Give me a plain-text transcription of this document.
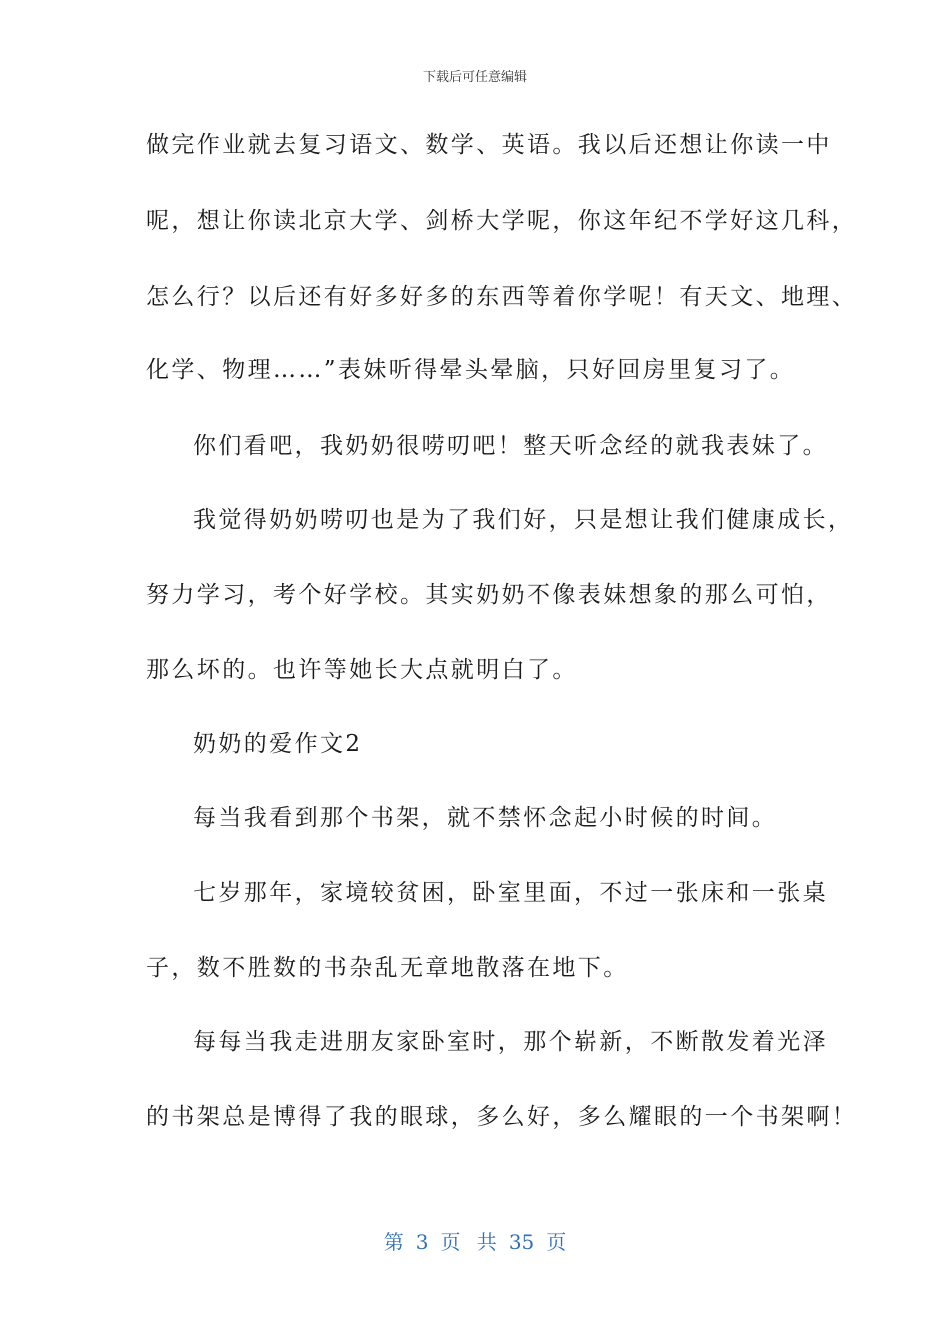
下载后可任意编辑
做完作业就去复习语文、数学、英语。我以后还想让你读一中
呢，想让你读北京大学、剑桥大学呢，你这年纪不学好这几科，
怎么行？以后还有好多好多的东西等着你学呢！有天文、地理、
化学、物理……”表妹听得晕头晕脑，只好回房里复习了。
你们看吧，我奶奶很唠叨吧！整天听念经的就我表妹了。
我觉得奶奶唠叨也是为了我们好，只是想让我们健康成长，
努力学习，考个好学校。其实奶奶不像表妹想象的那么可怕，
那么坏的。也许等她长大点就明白了。
奶奶的爱作文2
每当我看到那个书架，就不禁怀念起小时候的时间。
七岁那年，家境较贫困，卧室里面，不过一张床和一张桌
子，数不胜数的书杂乱无章地散落在地下。
每每当我走进朋友家卧室时，那个崭新，不断散发着光泽
的书架总是博得了我的眼球，多么好，多么耀眼的一个书架啊！
第 3 页 共 35 页
